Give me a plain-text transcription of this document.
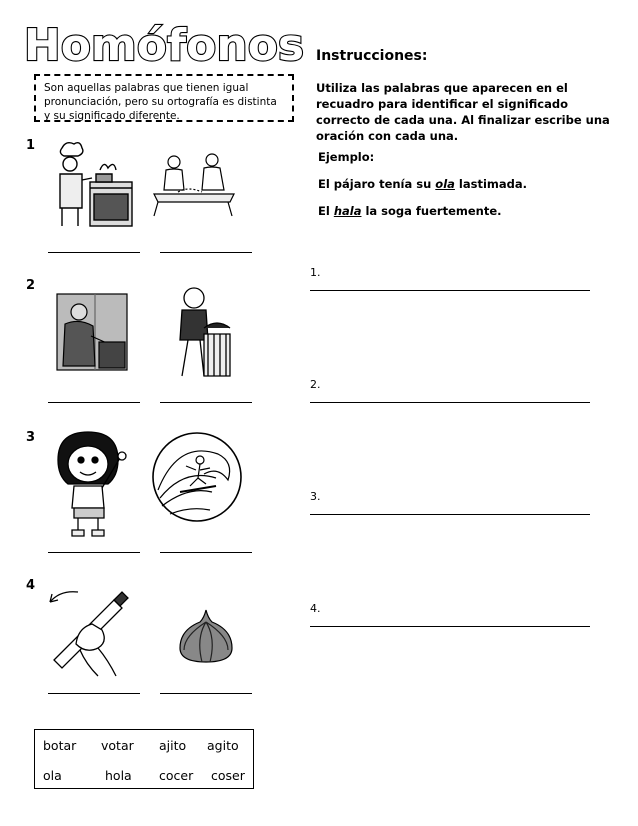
Homófonos
Son aquellas palabras que tienen igual pronunciación, pero su ortografía es distinta y su significado diferente.
Instrucciones:
Utiliza las palabras que aparecen en el recuadro para identificar el significado correcto de cada una. Al finalizar escribe una oración con cada una.
Ejemplo:
El pájaro tenía su ola lastimada.
El hala la soga fuertemente.
1
2
3
4
1.
2.
3.
4.
botar votar ajito agito
ola	hola cocer coser
